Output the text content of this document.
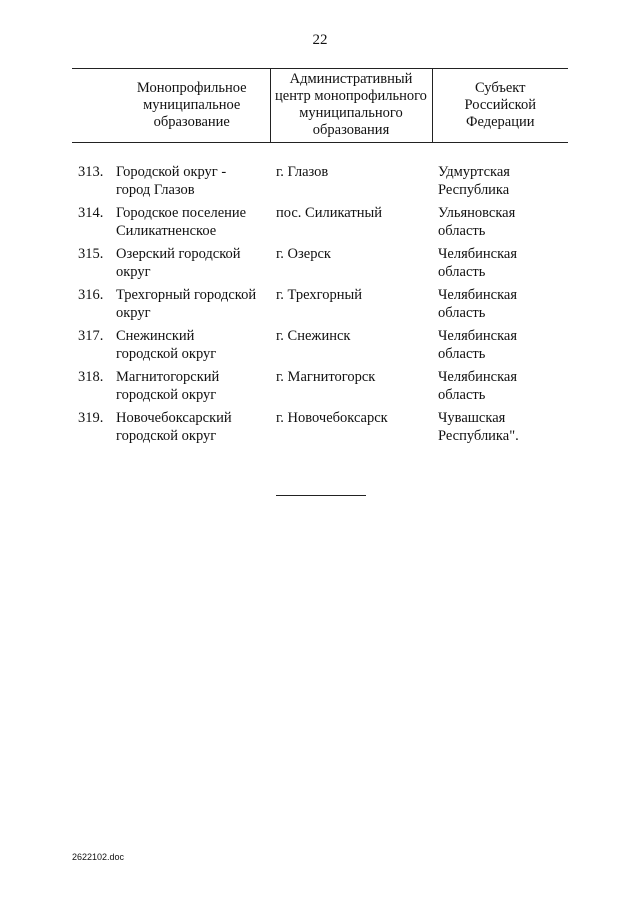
22

	Монопрофильное
муниципальное
образование	Административный
центр монопрофильного
муниципального
образования	Субъект
Российской
Федерации

313.	Городской округ -
город Глазов	г. Глазов	Удмуртская
Республика

314.	Городское поселение
Силикатненское	пос. Силикатный	Ульяновская
область

315.	Озерский городской
округ	г. Озерск	Челябинская
область

316.	Трехгорный городской
округ	г. Трехгорный	Челябинская
область

317.	Снежинский
городской округ	г. Снежинск	Челябинская
область

318.	Магнитогорский
городской округ	г. Магнитогорск	Челябинская
область

319.	Новочебоксарский
городской округ	г. Новочебоксарск	Чувашская
Республика".
2622102.doc
